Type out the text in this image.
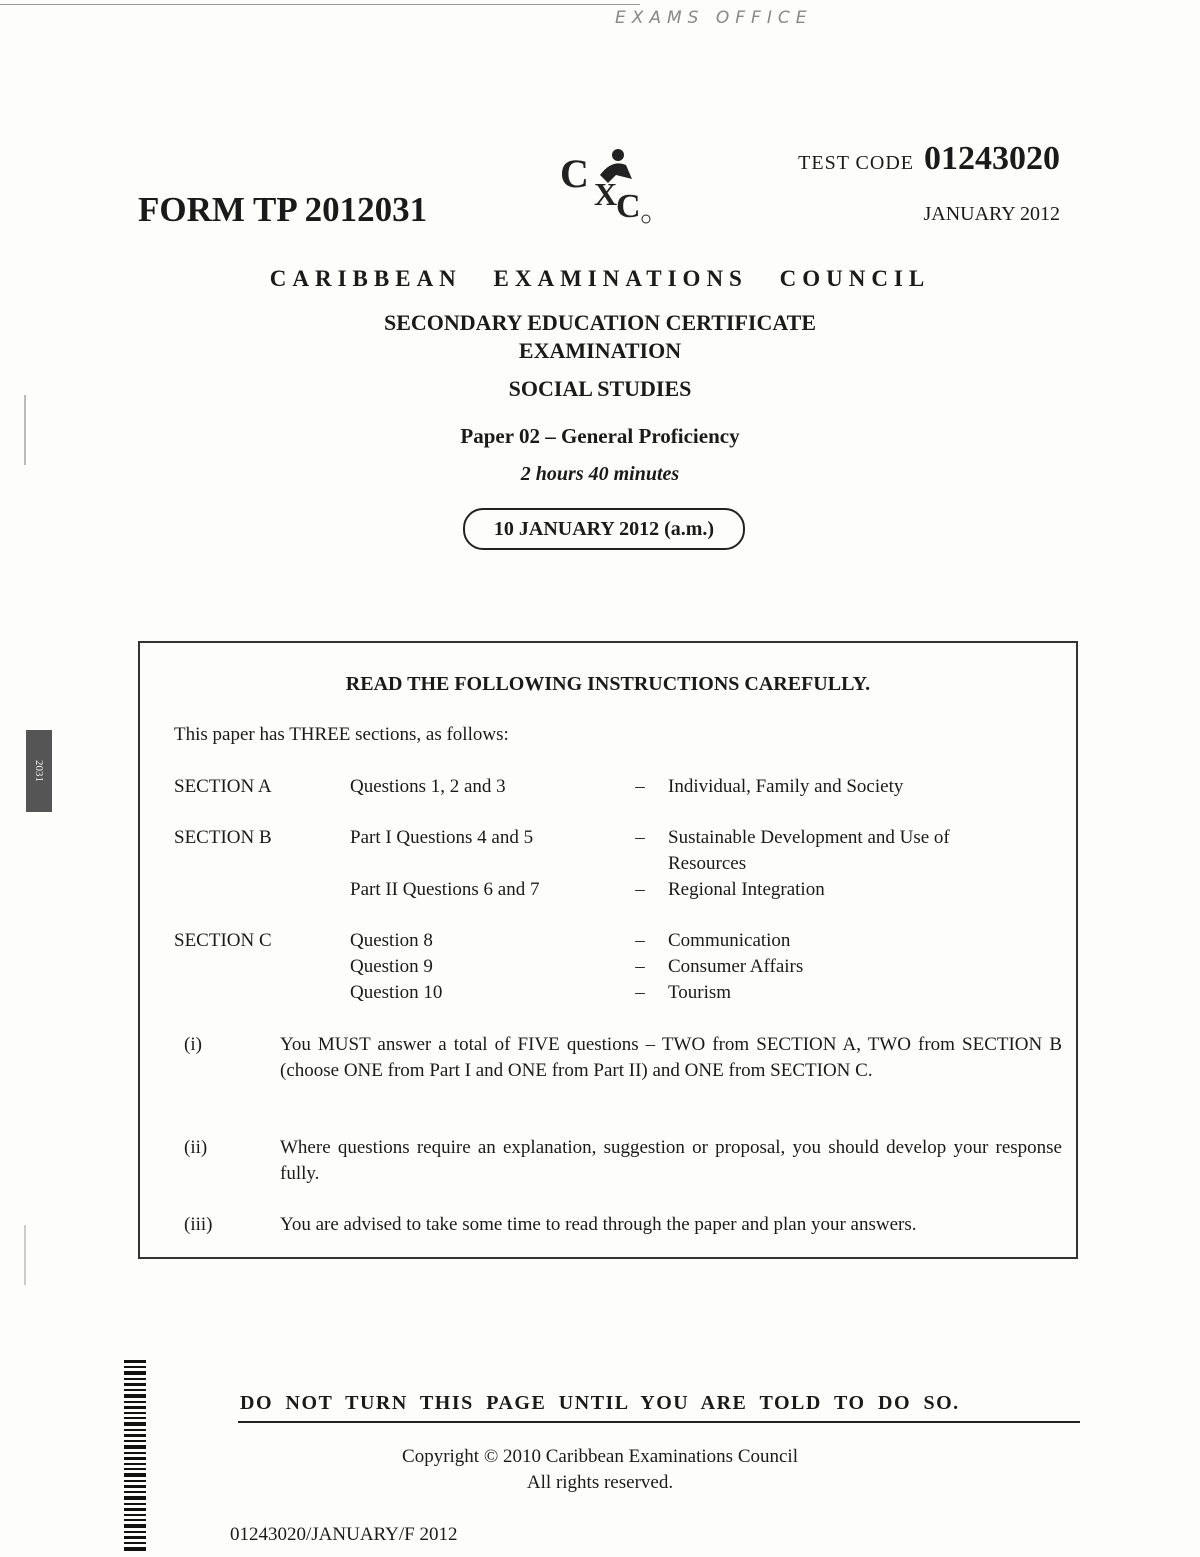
EXAMS OFFICE
FORM TP 2012031
C X
C
TEST CODE 01243020
JANUARY 2012
CARIBBEAN EXAMINATIONS COUNCIL
SECONDARY EDUCATION CERTIFICATE
EXAMINATION
SOCIAL STUDIES
Paper 02 – General Proficiency
2 hours 40 minutes
10 JANUARY 2012 (a.m.)
2031
READ THE FOLLOWING INSTRUCTIONS CAREFULLY.
This paper has THREE sections, as follows:
SECTION A	Questions 1, 2 and 3	– Individual, Family and Society
SECTION B	Part I Questions 4 and 5	– Sustainable Development and Use of Resources
Part II Questions 6 and 7	– Regional Integration
SECTION C	Question 8	– Communication
Question 9	– Consumer Affairs
Question 10	– Tourism
(i)	You MUST answer a total of FIVE questions – TWO from SECTION A, TWO from SECTION B (choose ONE from Part I and ONE from Part II) and ONE from SECTION C.
(ii)	Where questions require an explanation, suggestion or proposal, you should develop your response fully.
(iii)	You are advised to take some time to read through the paper and plan your answers.
DO NOT TURN THIS PAGE UNTIL YOU ARE TOLD TO DO SO.
Copyright © 2010 Caribbean Examinations Council
All rights reserved.
01243020/JANUARY/F 2012
